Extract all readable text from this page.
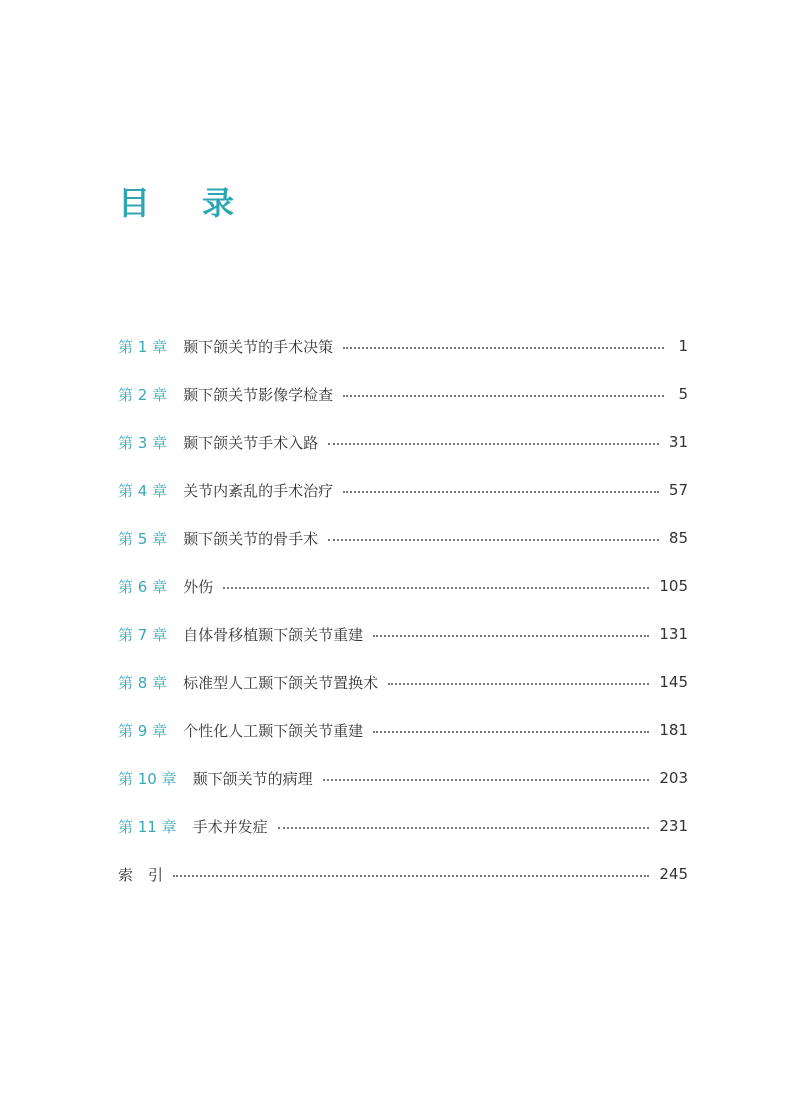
目 录
第 1 章 颞下颌关节的手术决策	1
第 2 章 颞下颌关节影像学检查	5
第 3 章 颞下颌关节手术入路	31
第 4 章 关节内紊乱的手术治疗	57
第 5 章 颞下颌关节的骨手术	85
第 6 章 外伤	105
第 7 章 自体骨移植颞下颌关节重建	131
第 8 章 标准型人工颞下颌关节置换术	145
第 9 章 个性化人工颞下颌关节重建	181
第 10 章 颞下颌关节的病理	203
第 11 章 手术并发症	231
索　引	245
